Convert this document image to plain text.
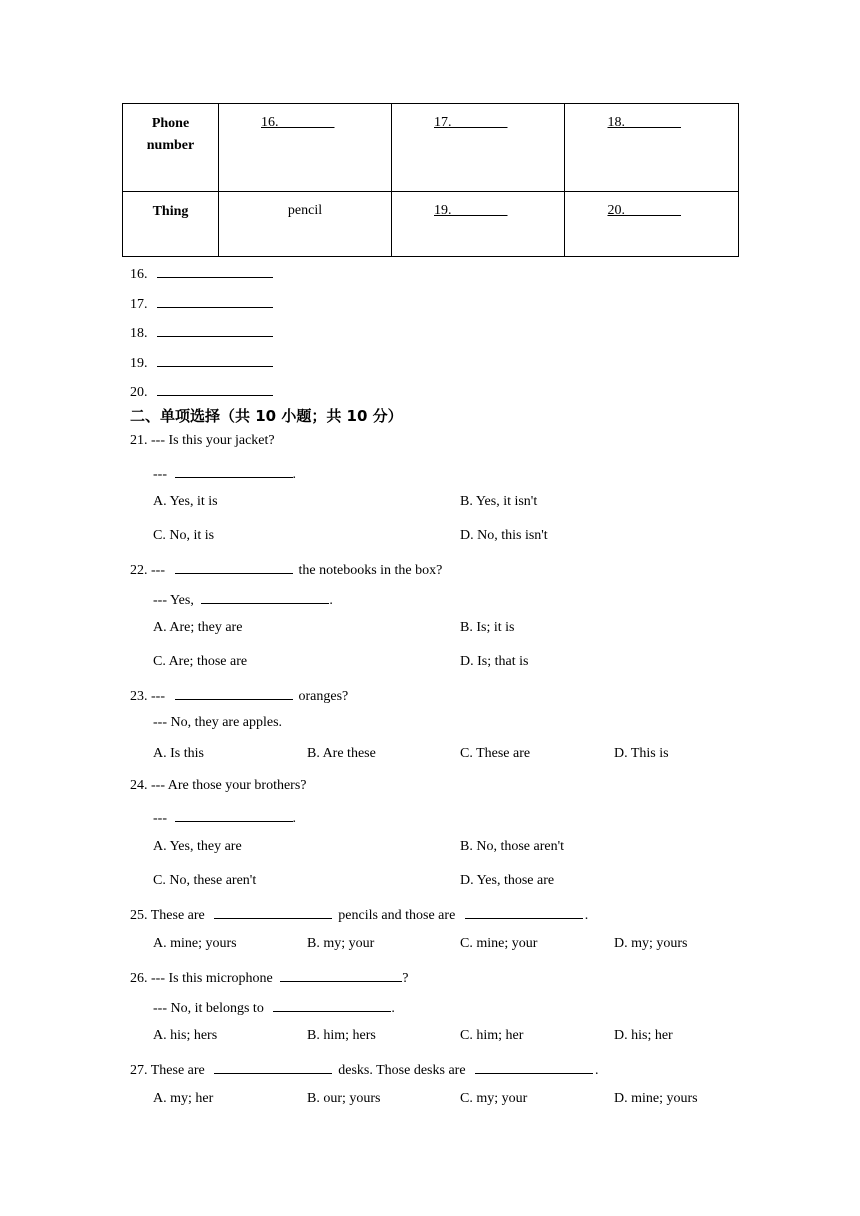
Phone number	16.	17.	18.
Thing	pencil	19.	20.
16.
17.
18.
19.
20.
二、单项选择（共 10 小题；共 10 分）
21. --- Is this your jacket?
---	.
A. Yes, it is	B. Yes, it isn't
C. No, it is	D. No, this isn't
22. ---	the notebooks in the box?
--- Yes,	.
A. Are; they are	B. Is; it is
C. Are; those are	D. Is; that is
23. ---	oranges?
--- No, they are apples.
A. Is this	B. Are these	C. These are	D. This is
24. --- Are those your brothers?
---	.
A. Yes, they are	B. No, those aren't
C. No, these aren't	D. Yes, those are
25. These are	pencils and those are	.
A. mine; yours	B. my; your	C. mine; your	D. my; yours
26. --- Is this microphone	?
--- No, it belongs to	.
A. his; hers	B. him; hers	C. him; her	D. his; her
27. These are	desks. Those desks are	.
A. my; her	B. our; yours	C. my; your	D. mine; yours
